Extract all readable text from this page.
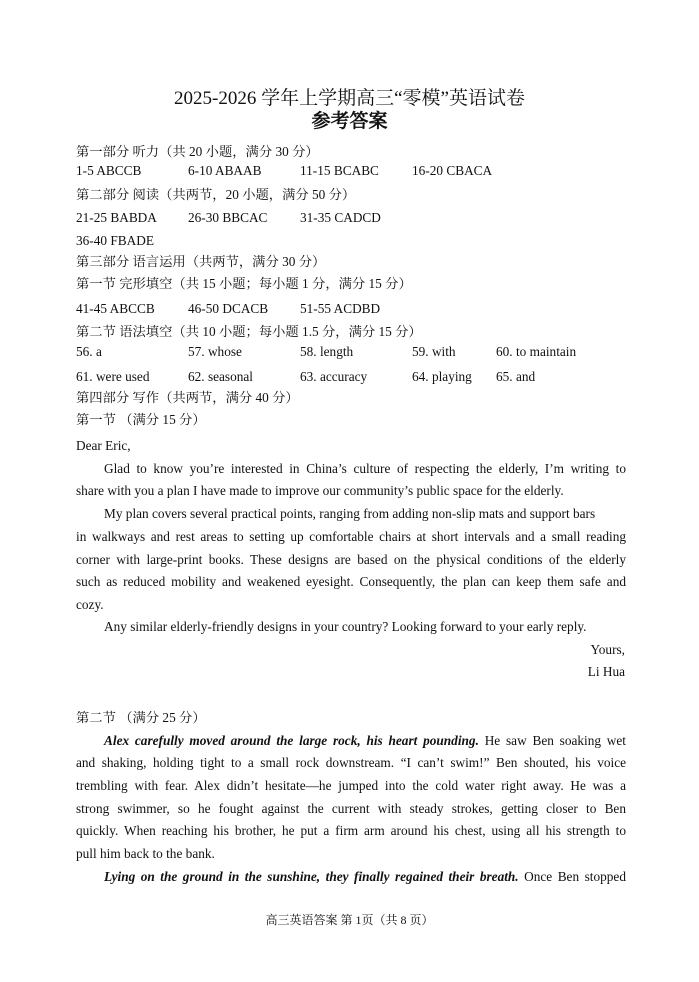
2025-2026 学年上学期高三“零模”英语试卷
参考答案
第一部分 听力（共 20 小题，满分 30 分）
1-5 ABCCB	6-10 ABAAB	11-15 BCABC 16-20 CBACA
第二部分 阅读（共两节，20 小题，满分 50 分）
21-25 BABDA 26-30 BBCAC 31-35 CADCD
36-40 FBADE
第三部分 语言运用（共两节，满分 30 分）
第一节 完形填空（共 15 小题；每小题 1 分，满分 15 分）
41-45 ABCCB	46-50 DCACB 51-55 ACDBD
第二节 语法填空（共 10 小题；每小题 1.5 分，满分 15 分）
56. a	57. whose	58. length	59. with	60. to maintain
61. were used	62. seasonal	63. accuracy	64. playing 65. and
第四部分 写作（共两节，满分 40 分）
第一节 （满分 15 分）
Dear Eric,
Glad to know you’re interested in China’s culture of respecting the elderly, I’m writing to
share with you a plan I have made to improve our community’s public space for the elderly.
My plan covers several practical points, ranging from adding non-slip mats and support bars
in walkways and rest areas to setting up comfortable chairs at short intervals and a small reading
corner with large-print books. These designs are based on the physical conditions of the elderly
such as reduced mobility and weakened eyesight. Consequently, the plan can keep them safe and
cozy.
Any similar elderly-friendly designs in your country? Looking forward to your early reply.
Yours,
Li Hua
第二节 （满分 25 分）
Alex carefully moved around the large rock, his heart pounding. He saw Ben soaking wet
and shaking, holding tight to a small rock downstream. “I can’t swim!” Ben shouted, his voice
trembling with fear. Alex didn’t hesitate—he jumped into the cold water right away. He was a
strong swimmer, so he fought against the current with steady strokes, getting closer to Ben
quickly. When reaching his brother, he put a firm arm around his chest, using all his strength to
pull him back to the bank.
Lying on the ground in the sunshine, they finally regained their breath. Once Ben stopped
高三英语答案 第 1页（共 8 页）
